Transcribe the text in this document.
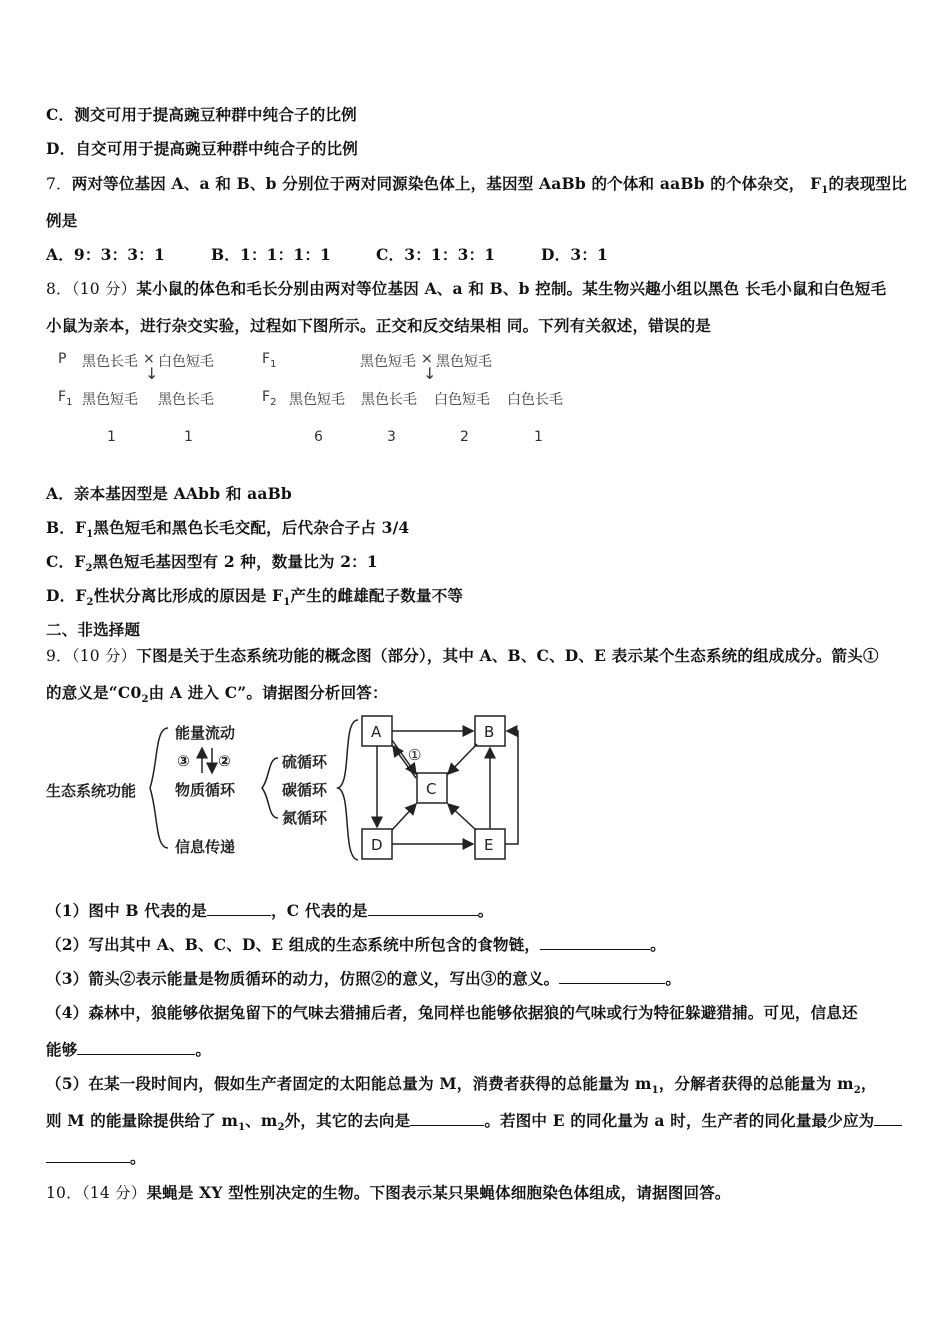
C．测交可用于提高豌豆种群中纯合子的比例
D．自交可用于提高豌豆种群中纯合子的比例
7．两对等位基因 A、a 和 B、b 分别位于两对同源染色体上，基因型 AaBb 的个体和 aaBb 的个体杂交， $F_1$的表现型比
例是
A．9：3：3：1	B．1：1：1：1	C．3：1：3：1	D．3：1
8．（10 分）某小鼠的体色和毛长分别由两对等位基因 A、a 和 B、b 控制。某生物兴趣小组以黑色 长毛小鼠和白色短毛
小鼠为亲本，进行杂交实验，过程如下图所示。正交和反交结果相 同。下列有关叙述，错误的是
P 黑色长毛 × 白色短毛
↓
$F_1$ 黑色短毛 黑色长毛
1	1
$F_1$	黑色短毛 × 黑色短毛
↓
$F_2$ 黑色短毛 黑色长毛 白色短毛 白色长毛
6	3	2	1
A．亲本基因型是 AAbb 和 aaBb
B．$F_1$黑色短毛和黑色长毛交配，后代杂合子占 3/4
C．$F_2$黑色短毛基因型有 2 种，数量比为 2：1
D．$F_2$性状分离比形成的原因是 $F_1$产生的雌雄配子数量不等
二、非选择题
9．（10 分）下图是关于生态系统功能的概念图（部分），其中 A、B、C、D、E 表示某个生态系统的组成成分。箭头①
的意义是“$C0_2$由 A 进入 C”。请据图分析回答：
生态系统功能
能量流动
物质循环
信息传递
③ ②	硫循环
碳循环
氮循环
A	B
C
D	E
①
（1）图中 B 代表的是	，C 代表的是	。
（2）写出其中 A、B、C、D、E 组成的生态系统中所包含的食物链，	。
（3）箭头②表示能量是物质循环的动力，仿照②的意义，写出③的意义。	。
（4）森林中，狼能够依据兔留下的气味去猎捕后者，兔同样也能够依据狼的气味或行为特征躲避猎捕。可见，信息还
能够	。
（5）在某一段时间内，假如生产者固定的太阳能总量为 M，消费者获得的总能量为 $m_1$，分解者获得的总能量为 $m_2$，
则 M 的能量除提供给了 $m_1$、$m_2$外，其它的去向是	。若图中 E 的同化量为 a 时，生产者的同化量最少应为
。
10．（14 分）果蝇是 XY 型性别决定的生物。下图表示某只果蝇体细胞染色体组成，请据图回答。
